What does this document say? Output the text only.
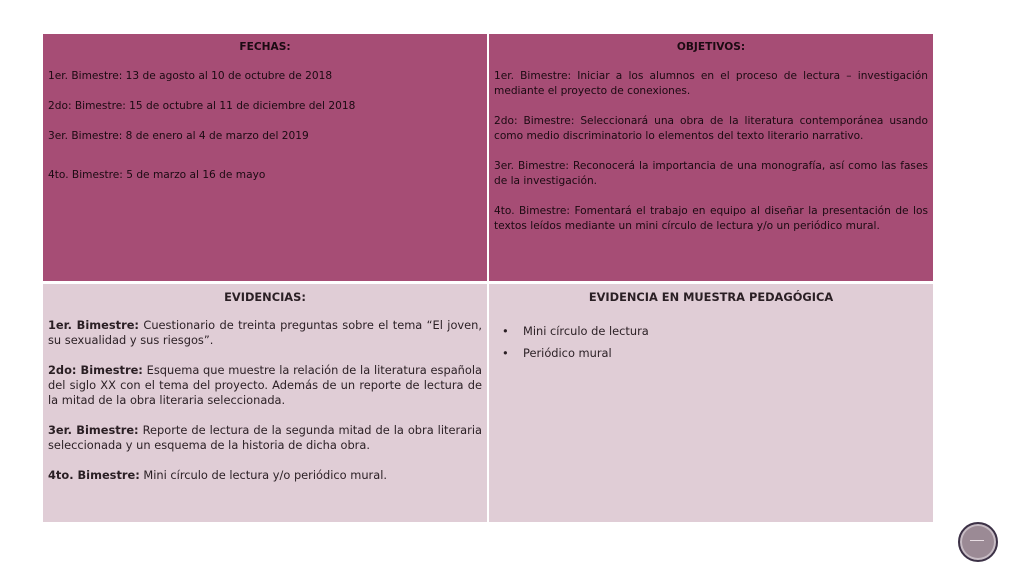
FECHAS:

1er. Bimestre: 13 de agosto al 10 de octubre de 2018

2do: Bimestre: 15 de octubre al 11 de diciembre del 2018

3er. Bimestre: 8 de enero al 4 de marzo del 2019

4to. Bimestre: 5 de marzo al 16 de mayo

OBJETIVOS:

1er. Bimestre: Iniciar a los alumnos en el proceso de lectura – investigación mediante el proyecto de conexiones.

2do: Bimestre: Seleccionará una obra de la literatura contemporánea usando como medio discriminatorio lo elementos del texto literario narrativo.

3er. Bimestre: Reconocerá la importancia de una monografía, así como las fases de la investigación.

4to. Bimestre: Fomentará el trabajo en equipo al diseñar la presentación de los textos leídos mediante un mini círculo de lectura y/o un periódico mural.

EVIDENCIAS:

1er. Bimestre: Cuestionario de treinta preguntas sobre el tema “El joven, su sexualidad y sus riesgos”.

2do: Bimestre: Esquema que muestre la relación de la literatura española del siglo XX con el tema del proyecto. Además de un reporte de lectura de la mitad de la obra literaria seleccionada.

3er. Bimestre: Reporte de lectura de la segunda mitad de la obra literaria seleccionada y un esquema de la historia de dicha obra.

4to. Bimestre: Mini círculo de lectura y/o periódico mural.

EVIDENCIA EN MUESTRA PEDAGÓGICA
• Mini círculo de lectura
• Periódico mural
